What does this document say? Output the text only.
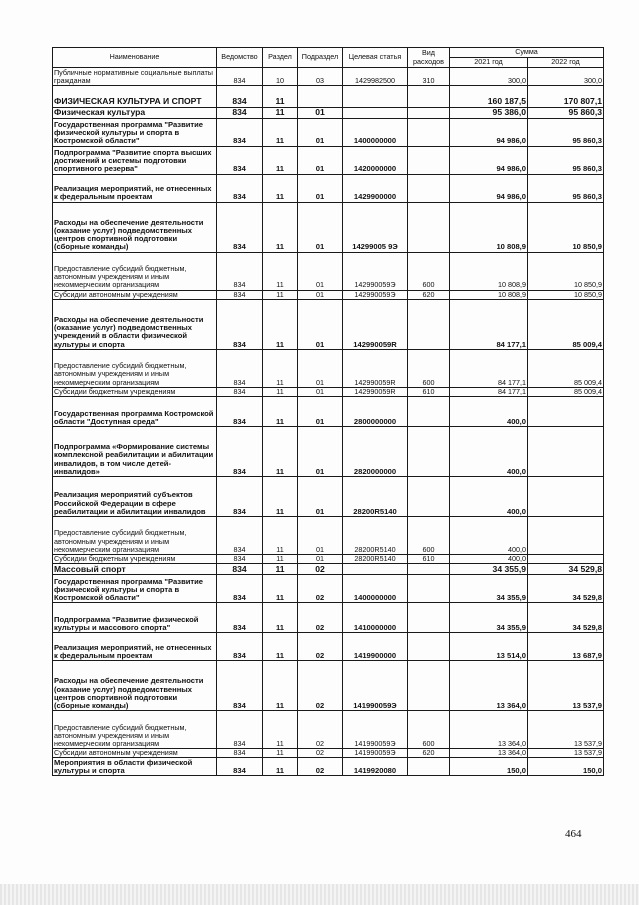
Наименование	Ведомство	Раздел	Подраздел	Целевая статья	Вид расходов	Сумма	
						2021 год	2022 год
Публичные нормативные социальные выплаты гражданам	834	10	03	1429982500	310	300,0	300,0
ФИЗИЧЕСКАЯ КУЛЬТУРА И СПОРТ	834	11				160 187,5	170 807,1
Физическая культура	834	11	01			95 386,0	95 860,3
Государственная программа "Развитие физической культуры и спорта в Костромской области"	834	11	01	1400000000		94 986,0	95 860,3
Подпрограмма "Развитие спорта высших достижений и системы подготовки спортивного резерва"	834	11	01	1420000000		94 986,0	95 860,3
Реализация мероприятий, не отнесенных к федеральным проектам	834	11	01	1429900000		94 986,0	95 860,3
Расходы на обеспечение деятельности (оказание услуг) подведомственных центров спортивной подготовки (сборные команды)	834	11	01	14299005 9Э		10 808,9	10 850,9
Предоставление субсидий бюджетным, автономным учреждениям и иным некоммерческим организациям	834	11	01	142990059Э	600	10 808,9	10 850,9
Субсидии автономным учреждениям	834	11	01	142990059Э	620	10 808,9	10 850,9
Расходы на обеспечение деятельности (оказание услуг) подведомственных учреждений в области физической культуры и спорта	834	11	01	142990059R		84 177,1	85 009,4
Предоставление субсидий бюджетным, автономным учреждениям и иным некоммерческим организациям	834	11	01	142990059R	600	84 177,1	85 009,4
Субсидии бюджетным учреждениям	834	11	01	142990059R	610	84 177,1	85 009,4
Государственная программа Костромской области "Доступная среда"	834	11	01	2800000000		400,0	
Подпрограмма «Формирование системы комплексной реабилитации и абилитации инвалидов, в том числе детей-инвалидов»	834	11	01	2820000000		400,0	
Реализация мероприятий субъектов Российской Федерации в сфере реабилитации и абилитации инвалидов	834	11	01	28200R5140		400,0	
Предоставление субсидий бюджетным, автономным учреждениям и иным некоммерческим организациям	834	11	01	28200R5140	600	400,0	
Субсидии бюджетным учреждениям	834	11	01	28200R5140	610	400,0	
Массовый спорт	834	11	02			34 355,9	34 529,8
Государственная программа "Развитие физической культуры и спорта в Костромской области"	834	11	02	1400000000		34 355,9	34 529,8
Подпрограмма "Развитие физической культуры и массового спорта"	834	11	02	1410000000		34 355,9	34 529,8
Реализация мероприятий, не отнесенных к федеральным проектам	834	11	02	1419900000		13 514,0	13 687,9
Расходы на обеспечение деятельности (оказание услуг) подведомственных центров спортивной подготовки (сборные команды)	834	11	02	141990059Э		13 364,0	13 537,9
Предоставление субсидий бюджетным, автономным учреждениям и иным некоммерческим организациям	834	11	02	141990059Э	600	13 364,0	13 537,9
Субсидии автономным учреждениям	834	11	02	141990059Э	620	13 364,0	13 537,9
Мероприятия в области физической культуры и спорта	834	11	02	1419920080		150,0	150,0
464
